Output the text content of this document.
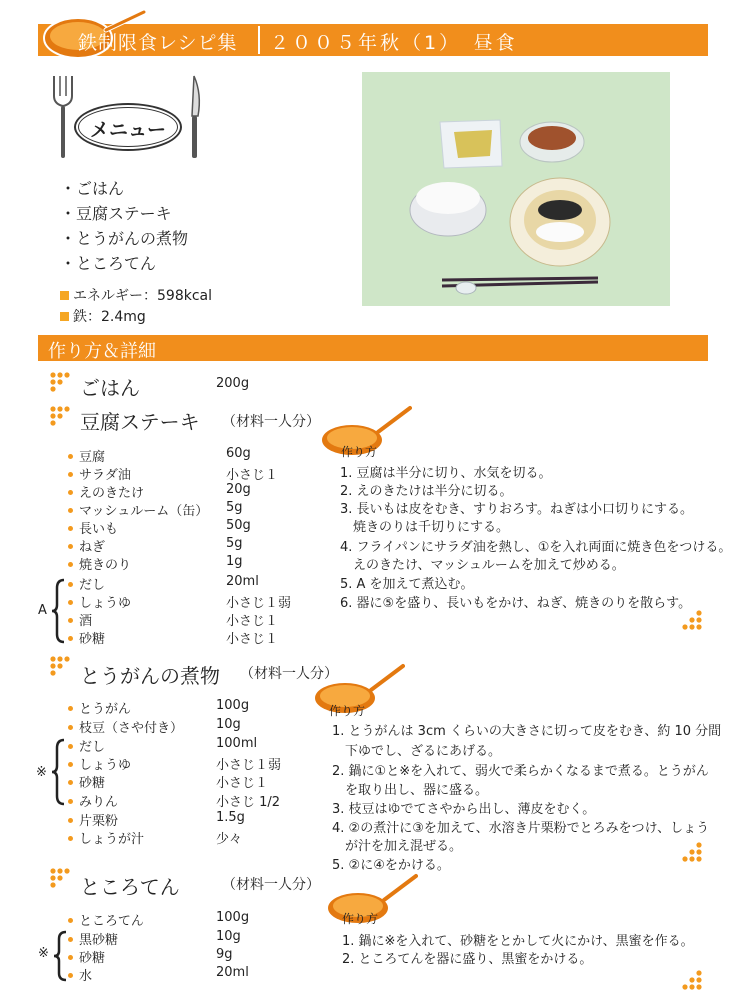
鉄制限食レシピ集 ２００５年秋（1）　昼食
メニュー
・ごはん
・豆腐ステーキ
・とうがんの煮物
・ところてん
エネルギー：598kcal
鉄：2.4mg
作り方＆詳細
ごはん	200g
豆腐ステーキ （材料一人分）
作り方
豆腐	60g
サラダ油	小さじ１
えのきたけ	20g
マッシュルーム（缶） 5g
長いも	50g
ねぎ	5g
焼きのり	1g
だし	20ml
しょうゆ	小さじ１弱
酒	小さじ１
砂糖	小さじ１
A
1. 豆腐は半分に切り、水気を切る。
2. えのきたけは半分に切る。
3. 長いもは皮をむき、すりおろす。ねぎは小口切りにする。
　焼きのりは千切りにする。
4. フライパンにサラダ油を熱し、①を入れ両面に焼き色をつける。
　えのきたけ、マッシュルームを加えて炒める。
5. A を加えて煮込む。
6. 器に⑤を盛り、長いもをかけ、ねぎ、焼きのりを散らす。
とうがんの煮物 （材料一人分）
作り方
とうがん	100g
枝豆（さや付き）	10g
だし	100ml
しょうゆ	小さじ１弱
砂糖	小さじ１
みりん	小さじ 1/2
片栗粉	1.5g
しょうが汁	少々
※
1. とうがんは 3cm くらいの大きさに切って皮をむき、約 10 分間
　下ゆでし、ざるにあげる。
2. 鍋に①と※を入れて、弱火で柔らかくなるまで煮る。とうがん
　を取り出し、器に盛る。
3. 枝豆はゆでてさやから出し、薄皮をむく。
4. ②の煮汁に③を加えて、水溶き片栗粉でとろみをつけ、しょう
　が汁を加え混ぜる。
5. ②に④をかける。
ところてん	（材料一人分）
作り方
ところてん	100g
黒砂糖	10g
砂糖	9g
水	20ml
※
1. 鍋に※を入れて、砂糖をとかして火にかけ、黒蜜を作る。
2. ところてんを器に盛り、黒蜜をかける。
